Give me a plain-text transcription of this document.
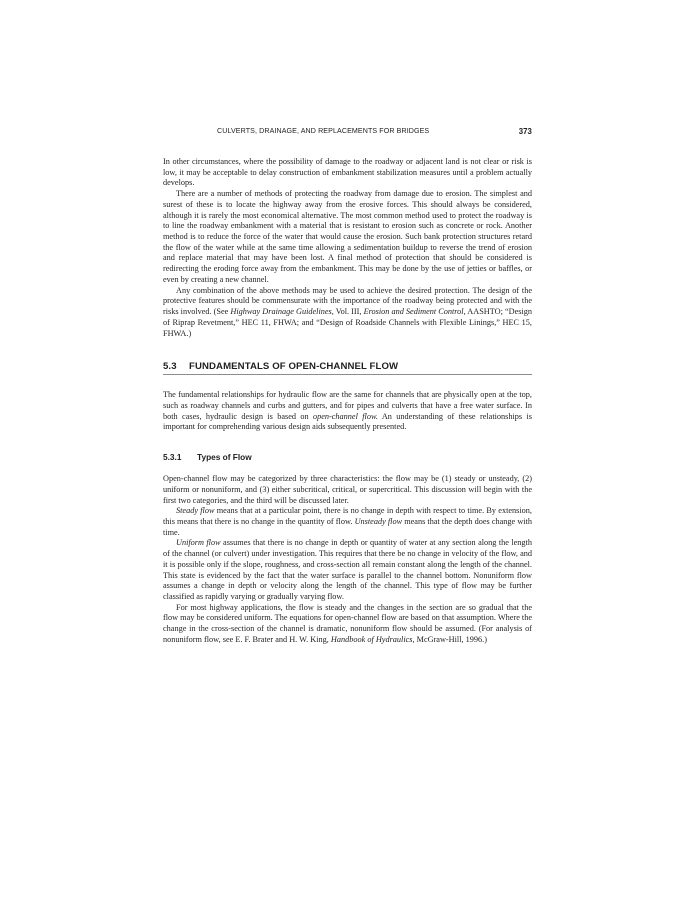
CULVERTS, DRAINAGE, AND REPLACEMENTS FOR BRIDGES	373

In other circumstances, where the possibility of damage to the roadway or adjacent land is not clear or risk is low, it may be acceptable to delay construction of embankment stabilization measures until a problem actually develops.

There are a number of methods of protecting the roadway from damage due to erosion. The simplest and surest of these is to locate the highway away from the erosive forces. This should always be considered, although it is rarely the most economical alternative. The most common method used to protect the roadway is to line the roadway embankment with a material that is resistant to erosion such as concrete or rock. Another method is to reduce the force of the water that would cause the erosion. Such bank protection structures retard the flow of the water while at the same time allowing a sedimentation buildup to reverse the trend of erosion and replace material that may have been lost. A final method of protection that should be considered is redirecting the eroding force away from the embankment. This may be done by the use of jetties or baffles, or even by creating a new channel.

Any combination of the above methods may be used to achieve the desired protection. The design of the protective features should be commensurate with the importance of the roadway being protected and with the risks involved. (See Highway Drainage Guidelines, Vol. III, Erosion and Sediment Control, AASHTO; “Design of Riprap Revetment,” HEC 11, FHWA; and “Design of Roadside Channels with Flexible Linings,” HEC 15, FHWA.)

5.3 FUNDAMENTALS OF OPEN-CHANNEL FLOW

The fundamental relationships for hydraulic flow are the same for channels that are physically open at the top, such as roadway channels and curbs and gutters, and for pipes and culverts that have a free water surface. In both cases, hydraulic design is based on open-channel flow. An understanding of these relationships is important for comprehending various design aids subsequently presented.

5.3.1 Types of Flow

Open-channel flow may be categorized by three characteristics: the flow may be (1) steady or unsteady, (2) uniform or nonuniform, and (3) either subcritical, critical, or supercritical. This discussion will begin with the first two categories, and the third will be discussed later.

Steady flow means that at a particular point, there is no change in depth with respect to time. By extension, this means that there is no change in the quantity of flow. Unsteady flow means that the depth does change with time.

Uniform flow assumes that there is no change in depth or quantity of water at any section along the length of the channel (or culvert) under investigation. This requires that there be no change in velocity of the flow, and it is possible only if the slope, roughness, and cross-section all remain constant along the length of the channel. This state is evidenced by the fact that the water surface is parallel to the channel bottom. Nonuniform flow assumes a change in depth or velocity along the length of the channel. This type of flow may be further classified as rapidly varying or gradually varying flow.

For most highway applications, the flow is steady and the changes in the section are so gradual that the flow may be considered uniform. The equations for open-channel flow are based on that assumption. Where the change in the cross-section of the channel is dramatic, nonuniform flow should be assumed. (For analysis of nonuniform flow, see E. F. Brater and H. W. King, Handbook of Hydraulics, McGraw-Hill, 1996.)
